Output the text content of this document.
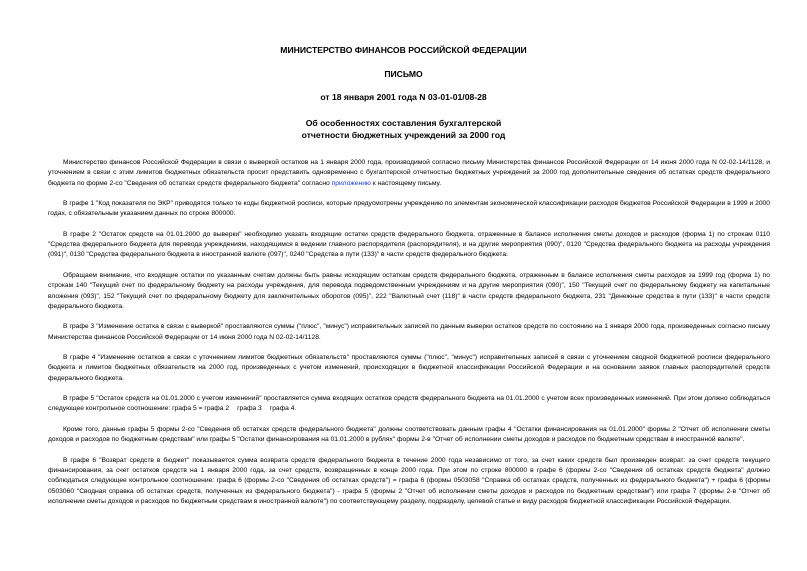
МИНИСТЕРСТВО ФИНАНСОВ РОССИЙСКОЙ ФЕДЕРАЦИИ
ПИСЬМО
от 18 января 2001 года N 03-01-01/08-28
Об особенностях составления бухгалтерской
отчетности бюджетных учреждений за 2000 год

Министерство финансов Российской Федерации в связи с выверкой остатков на 1 января 2000 года, производимой согласно письму Министерства финансов Российской Федерации от 14 июня 2000 года N 02-02-14/1128, и уточнением в связи с этим лимитов бюджетных обязательств просит представить одновременно с бухгалтерской отчетностью бюджетных учреждений за 2000 год дополнительные сведения об остатках средств федерального бюджета по форме 2-со "Сведения об остатках средств федерального бюджета" согласно приложению к настоящему письму.

В графе 1 "Код показателя по ЭКР" приводятся только те коды бюджетной росписи, которые предусмотрены учреждению по элементам экономической классификации расходов бюджетов Российской Федерации в 1999 и 2000 годах, с обязательным указанием данных по строке 800000.

В графе 2 "Остаток средств на 01.01.2000 до выверки" необходимо указать входящие остатки средств федерального бюджета, отраженные в балансе исполнения сметы доходов и расходов (форма 1) по строкам 0110 "Средства федерального бюджета для перевода учреждениям, находящимся в ведении главного распорядителя (распорядителя), и на другие мероприятия (090)", 0120 "Средства федерального бюджета на расходы учреждения (091)", 0130 "Средства федерального бюджета в иностранной валюте (097)", 0240 "Средства в пути (133)" в части средств федерального бюджета.

Обращаем внимание, что входящие остатки по указанным счетам должны быть равны исходящим остаткам средств федерального бюджета, отраженным в балансе исполнения сметы расходов за 1999 год (форма 1) по строкам 140 "Текущий счет по федеральному бюджету на расходы учреждения, для перевода подведомственным учреждениям и на другие мероприятия (090)", 150 "Текущий счет по федеральному бюджету на капитальные вложения (093)", 152 "Текущий счет по федеральному бюджету для заключительных оборотов (095)", 222 "Валютный счет (118)" в части средств федерального бюджета, 231 "Денежные средства в пути (133)" в части средств федерального бюджета.

В графе 3 "Изменение остатка в связи с выверкой" проставляются суммы ("плюс", "минус") исправительных записей по данным выверки остатков средств по состоянию на 1 января 2000 года, произведенных согласно письму Министерства финансов Российской Федерации от 14 июня 2000 года N 02-02-14/1128.

В графе 4 "Изменение остатков в связи с уточнением лимитов бюджетных обязательств" проставляются суммы ("плюс", "минус") исправительных записей в связи с уточнением сводной бюджетной росписи федерального бюджета и лимитов бюджетных обязательств на 2000 год, произведенных с учетом изменений, происходящих в бюджетной классификации Российской Федерации и на основании заявок главных распорядителей средств федерального бюджета.

В графе 5 "Остаток средств на 01.01.2000 с учетом изменений" проставляется сумма входящих остатков средств федерального бюджета на 01.01.2000 с учетом всех произведенных изменений. При этом должно соблюдаться следующее контрольное соотношение: графа 5 = графа 2 графа 3 графа 4.

Кроме того, данные графы 5 формы 2-со "Сведения об остатках средств федерального бюджета" должны соответствовать данным графы 4 "Остатки финансирования на 01.01.2000" формы 2 "Отчет об исполнении сметы доходов и расходов по бюджетным средствам" или графы 5 "Остатки финансирования на 01.01.2000 в рублях" формы 2-в "Отчет об исполнении сметы доходов и расходов по бюджетным средствам в иностранной валюте".

В графе 6 "Возврат средств в бюджет" показывается сумма возврата средств федерального бюджета в течение 2000 года независимо от того, за счет каких средств был произведен возврат: за счет средств текущего финансирования, за счет остатков средств на 1 января 2000 года, за счет средств, возвращенных в конце 2000 года. При этом по строке 800000 в графе 6 (формы 2-со "Сведения об остатках средств бюджета" должно соблюдаться следующее контрольное соотношение: графа 6 (формы 2-со "Сведения об остатках средств") = графа 6 (формы 0503058 "Справка об остатках средств, полученных из федерального бюджета") + графа 6 (формы 0503060 "Сводная справка об остатках средств, полученных из федерального бюджета") - графа 5 (формы 2 "Отчет об исполнении сметы доходов и расходов по бюджетным средствам") или графа 7 (формы 2-в "Отчет об исполнении сметы доходов и расходов по бюджетным средствам в иностранной валюте") по соответствующему разделу, подразделу, целевой статье и виду расходов бюджетной классификации Российской Федерации.
